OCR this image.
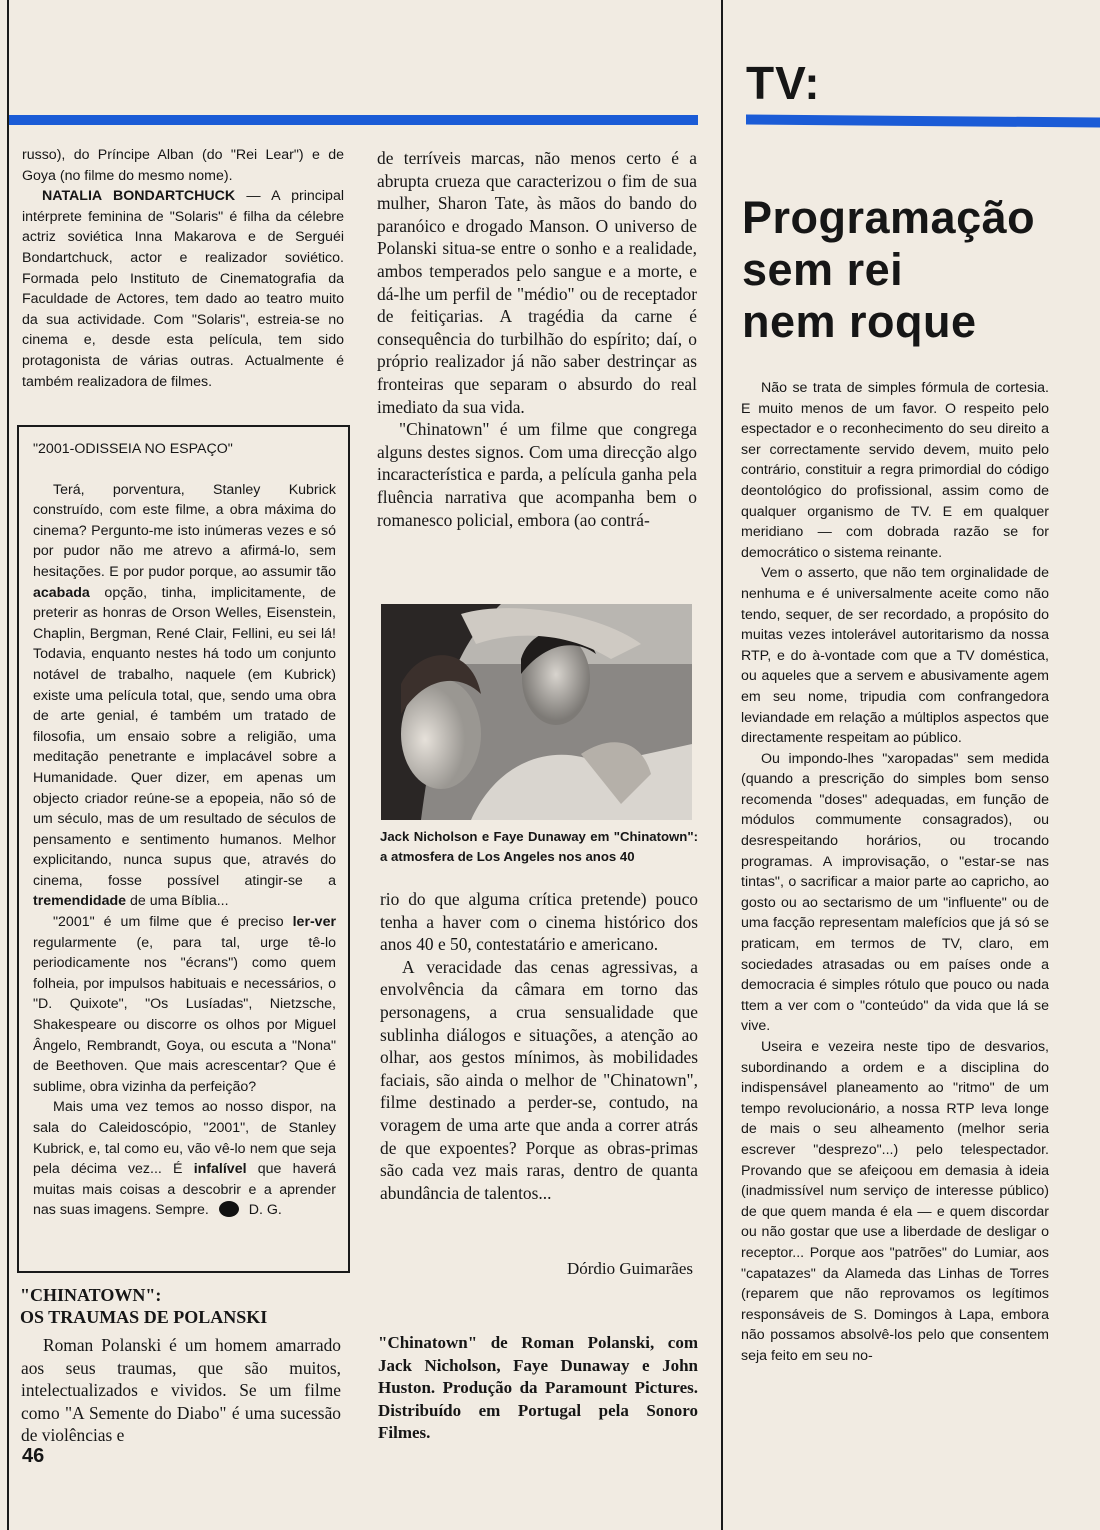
TV:
Programação
sem rei
nem roque

Não se trata de simples fórmula de cortesia. E muito menos de um favor. O respeito pelo espectador e o reconhecimento do seu direito a ser correctamente servido devem, muito pelo contrário, constituir a regra primordial do código deontológico do profissional, assim como de qualquer organismo de TV. E em qualquer meridiano — com dobrada razão se for democrático o sistema reinante.

Vem o asserto, que não tem orginalidade de nenhuma e é universalmente aceite como não tendo, sequer, de ser recordado, a propósito do muitas vezes intolerável autoritarismo da nossa RTP, e do à-vontade com que a TV doméstica, ou aqueles que a servem e abusivamente agem em seu nome, tripudia com confrangedora leviandade em relação a múltiplos aspectos que directamente respeitam ao público.

Ou impondo-lhes "xaropadas" sem medida (quando a prescrição do simples bom senso recomenda "doses" adequadas, em função de módulos commumente consagrados), ou desrespeitando horários, ou trocando programas. A improvisação, o "estar-se nas tintas", o sacrificar a maior parte ao capricho, ao gosto ou ao sectarismo de um "influente" ou de uma facção representam malefícios que já só se praticam, em termos de TV, claro, em sociedades atrasadas ou em países onde a democracia é simples rótulo que pouco ou nada ttem a ver com o "conteúdo" da vida que lá se vive.

Useira e vezeira neste tipo de desvarios, subordinando a ordem e a disciplina do indispensável planeamento ao "ritmo" de um tempo revolucionário, a nossa RTP leva longe de mais o seu alheamento (melhor seria escrever "desprezo"...) pelo telespectador. Provando que se afeiçoou em demasia à ideia (inadmissível num serviço de interesse público) de que quem manda é ela — e quem discordar ou não gostar que use a liberdade de desligar o receptor... Porque aos "patrões" do Lumiar, aos "capatazes" da Alameda das Linhas de Torres (reparem que não reprovamos os legítimos responsáveis de S. Domingos à Lapa, embora não possamos absolvê-los pelo que consentem seja feito em seu no-

russo), do Príncipe Alban (do "Rei Lear") e de Goya (no filme do mesmo nome).

NATALIA BONDARTCHUCK — A principal intérprete feminina de "Solaris" é filha da célebre actriz soviética Inna Makarova e de Serguéi Bondartchuck, actor e realizador soviético. Formada pelo Instituto de Cinematografia da Faculdade de Actores, tem dado ao teatro muito da sua actividade. Com "Solaris", estreia-se no cinema e, desde esta película, tem sido protagonista de várias outras. Actualmente é também realizadora de filmes.

"2001-ODISSEIA NO ESPAÇO"

Terá, porventura, Stanley Kubrick construído, com este filme, a obra máxima do cinema? Pergunto-me isto inúmeras vezes e só por pudor não me atrevo a afirmá-lo, sem hesitações. E por pudor porque, ao assumir tão acabada opção, tinha, implicitamente, de preterir as honras de Orson Welles, Eisenstein, Chaplin, Bergman, René Clair, Fellini, eu sei lá! Todavia, enquanto nestes há todo um conjunto notável de trabalho, naquele (em Kubrick) existe uma película total, que, sendo uma obra de arte genial, é também um tratado de filosofia, um ensaio sobre a religião, uma meditação penetrante e implacável sobre a Humanidade. Quer dizer, em apenas um objecto criador reúne-se a epopeia, não só de um século, mas de um resultado de séculos de pensamento e sentimento humanos. Melhor explicitando, nunca supus que, através do cinema, fosse possível atingir-se a tremendidade de uma Bíblia...

"2001" é um filme que é preciso ler-ver regularmente (e, para tal, urge tê-lo periodicamente nos "écrans") como quem folheia, por impulsos habituais e necessários, o "D. Quixote", "Os Lusíadas", Nietzsche, Shakespeare ou discorre os olhos por Miguel Ângelo, Rembrandt, Goya, ou escuta a "Nona" de Beethoven. Que mais acrescentar? Que é sublime, obra vizinha da perfeição?

Mais uma vez temos ao nosso dispor, na sala do Caleidoscópio, "2001", de Stanley Kubrick, e, tal como eu, vão vê-lo nem que seja pela décima vez... É infalível que haverá muitas mais coisas a descobrir e a aprender nas suas imagens. Sempre.	D. G.

"CHINATOWN":
OS TRAUMAS DE POLANSKI

Roman Polanski é um homem amarrado aos seus traumas, que são muitos, intelectualizados e vividos. Se um filme como "A Semente do Diabo" é uma sucessão de violências e

46

de terríveis marcas, não menos certo é a abrupta crueza que caracterizou o fim de sua mulher, Sharon Tate, às mãos do bando do paranóico e drogado Manson. O universo de Polanski situa-se entre o sonho e a realidade, ambos temperados pelo sangue e a morte, e dá-lhe um perfil de "médio" ou de receptador de feitiçarias. A tragédia da carne é consequência do turbilhão do espírito; daí, o próprio realizador já não saber destrinçar as fronteiras que separam o absurdo do real imediato da sua vida.

"Chinatown" é um filme que congrega alguns destes signos. Com uma direcção algo incaracterística e parda, a película ganha pela fluência narrativa que acompanha bem o romanesco policial, embora (ao contrá-

Jack Nicholson e Faye Dunaway em "Chinatown": a atmosfera de Los Angeles nos anos 40

rio do que alguma crítica pretende) pouco tenha a haver com o cinema histórico dos anos 40 e 50, contestatário e americano.

A veracidade das cenas agressivas, a envolvência da câmara em torno das personagens, a crua sensualidade que sublinha diálogos e situações, a atenção ao olhar, aos gestos mínimos, às mobilidades faciais, são ainda o melhor de "Chinatown", filme destinado a perder-se, contudo, na voragem de uma arte que anda a correr atrás de que expoentes? Porque as obras-primas são cada vez mais raras, dentro de quanta abundância de talentos...

Dórdio Guimarães
"Chinatown" de Roman Polanski, com Jack Nicholson, Faye Dunaway e John Huston. Produção da Paramount Pictures. Distribuído em Portugal pela Sonoro Filmes.
